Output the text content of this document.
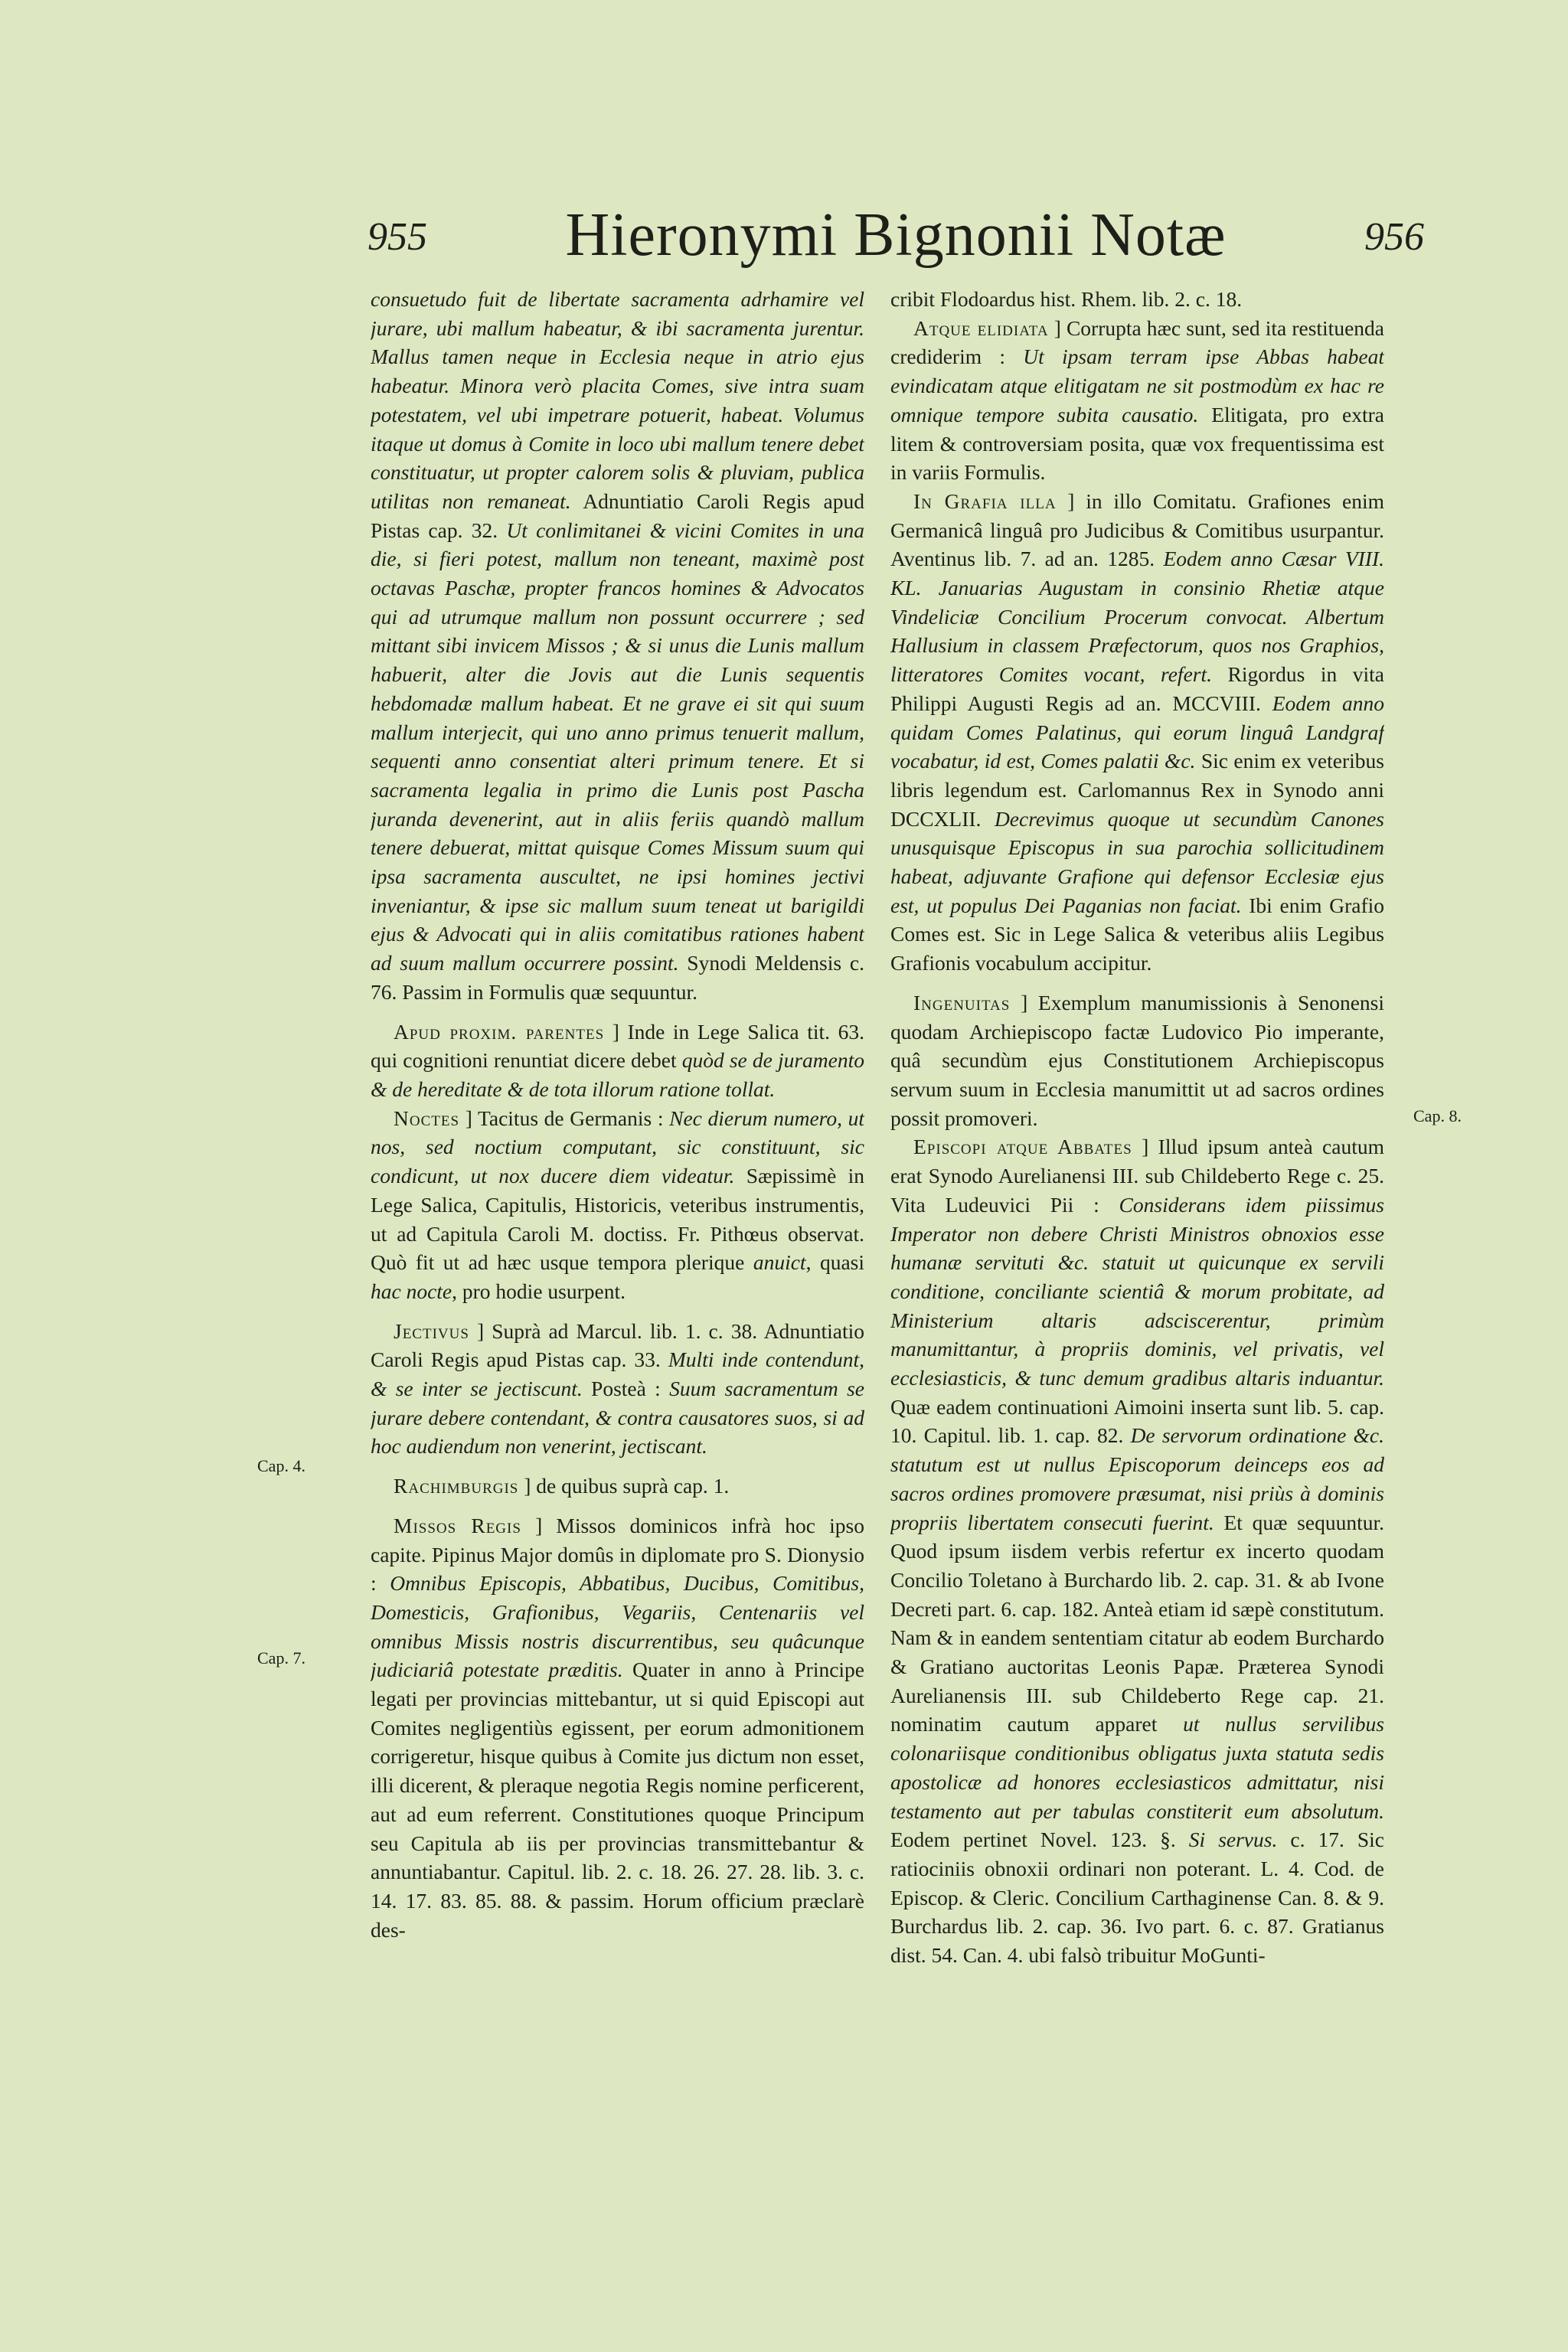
955	Hieronymi Bignonii Notæ	956
Cap. 4.
Cap. 7.
Cap. 8.

consuetudo fuit de libertate sacramenta adrhamire vel jurare, ubi mallum habeatur, & ibi sacramenta jurentur. Mallus tamen neque in Ecclesia neque in atrio ejus habeatur. Minora verò placita Comes, sive intra suam potestatem, vel ubi impetrare potuerit, habeat. Volumus itaque ut domus à Comite in loco ubi mallum tenere debet constituatur, ut propter calorem solis & pluviam, publica utilitas non remaneat. Adnuntiatio Caroli Regis apud Pistas cap. 32. Ut conlimitanei & vicini Comites in una die, si fieri potest, mallum non teneant, maximè post octavas Paschæ, propter francos homines & Advocatos qui ad utrumque mallum non possunt occurrere ; sed mittant sibi invicem Missos ; & si unus die Lunis mallum habuerit, alter die Jovis aut die Lunis sequentis hebdomadæ mallum habeat. Et ne grave ei sit qui suum mallum interjecit, qui uno anno primus tenuerit mallum, sequenti anno consentiat alteri primum tenere. Et si sacramenta legalia in primo die Lunis post Pascha juranda devenerint, aut in aliis feriis quandò mallum tenere debuerat, mittat quisque Comes Missum suum qui ipsa sacramenta auscultet, ne ipsi homines jectivi inveniantur, & ipse sic mallum suum teneat ut barigildi ejus & Advocati qui in aliis comitatibus rationes habent ad suum mallum occurrere possint. Synodi Meldensis c. 76. Passim in Formulis quæ sequuntur.

Apud proxim. parentes ] Inde in Lege Salica tit. 63. qui cognitioni renuntiat dicere debet quòd se de juramento & de hereditate & de tota illorum ratione tollat.

Noctes ] Tacitus de Germanis : Nec dierum numero, ut nos, sed noctium computant, sic constituunt, sic condicunt, ut nox ducere diem videatur. Sæpissimè in Lege Salica, Capitulis, Historicis, veteribus instrumentis, ut ad Capitula Caroli M. doctiss. Fr. Pithœus observat. Quò fit ut ad hæc usque tempora plerique anuict, quasi hac nocte, pro hodie usurpent.

Jectivus ] Suprà ad Marcul. lib. 1. c. 38. Adnuntiatio Caroli Regis apud Pistas cap. 33. Multi inde contendunt, & se inter se jectiscunt. Posteà : Suum sacramentum se jurare debere contendant, & contra causatores suos, si ad hoc audiendum non venerint, jectiscant.

Rachimburgis ] de quibus suprà cap. 1.

Missos Regis ] Missos dominicos infrà hoc ipso capite. Pipinus Major domûs in diplomate pro S. Dionysio : Omnibus Episcopis, Abbatibus, Ducibus, Comitibus, Domesticis, Grafionibus, Vegariis, Centenariis vel omnibus Missis nostris discurrentibus, seu quâcunque judiciariâ potestate præditis. Quater in anno à Principe legati per provincias mittebantur, ut si quid Episcopi aut Comites negligentiùs egissent, per eorum admonitionem corrigeretur, hisque quibus à Comite jus dictum non esset, illi dicerent, & pleraque negotia Regis nomine perficerent, aut ad eum referrent. Constitutiones quoque Principum seu Capitula ab iis per provincias transmittebantur & annuntiabantur. Capitul. lib. 2. c. 18. 26. 27. 28. lib. 3. c. 14. 17. 83. 85. 88. & passim. Horum officium præclarè des-

cribit Flodoardus hist. Rhem. lib. 2. c. 18.

Atque elidiata ] Corrupta hæc sunt, sed ita restituenda crediderim : Ut ipsam terram ipse Abbas habeat evindicatam atque elitigatam ne sit postmodùm ex hac re omnique tempore subita causatio. Elitigata, pro extra litem & controversiam posita, quæ vox frequentissima est in variis Formulis.

In Grafia illa ] in illo Comitatu. Grafiones enim Germanicâ linguâ pro Judicibus & Comitibus usurpantur. Aventinus lib. 7. ad an. 1285. Eodem anno Cæsar VIII. KL. Januarias Augustam in consinio Rhetiæ atque Vindeliciæ Concilium Procerum convocat. Albertum Hallusium in classem Præfectorum, quos nos Graphios, litteratores Comites vocant, refert. Rigordus in vita Philippi Augusti Regis ad an. MCCVIII. Eodem anno quidam Comes Palatinus, qui eorum linguâ Landgraf vocabatur, id est, Comes palatii &c. Sic enim ex veteribus libris legendum est. Carlomannus Rex in Synodo anni DCCXLII. Decrevimus quoque ut secundùm Canones unusquisque Episcopus in sua parochia sollicitudinem habeat, adjuvante Grafione qui defensor Ecclesiæ ejus est, ut populus Dei Paganias non faciat. Ibi enim Grafio Comes est. Sic in Lege Salica & veteribus aliis Legibus Grafionis vocabulum accipitur.

Ingenuitas ] Exemplum manumissionis à Senonensi quodam Archiepiscopo factæ Ludovico Pio imperante, quâ secundùm ejus Constitutionem Archiepiscopus servum suum in Ecclesia manumittit ut ad sacros ordines possit promoveri.

Episcopi atque Abbates ] Illud ipsum anteà cautum erat Synodo Aurelianensi III. sub Childeberto Rege c. 25. Vita Ludeuvici Pii : Considerans idem piissimus Imperator non debere Christi Ministros obnoxios esse humanæ servituti &c. statuit ut quicunque ex servili conditione, conciliante scientiâ & morum probitate, ad Ministerium altaris adsciscerentur, primùm manumittantur, à propriis dominis, vel privatis, vel ecclesiasticis, & tunc demum gradibus altaris induantur. Quæ eadem continuationi Aimoini inserta sunt lib. 5. cap. 10. Capitul. lib. 1. cap. 82. De servorum ordinatione &c. statutum est ut nullus Episcoporum deinceps eos ad sacros ordines promovere præsumat, nisi priùs à dominis propriis libertatem consecuti fuerint. Et quæ sequuntur. Quod ipsum iisdem verbis refertur ex incerto quodam Concilio Toletano à Burchardo lib. 2. cap. 31. & ab Ivone Decreti part. 6. cap. 182. Anteà etiam id sæpè constitutum. Nam & in eandem sententiam citatur ab eodem Burchardo & Gratiano auctoritas Leonis Papæ. Præterea Synodi Aurelianensis III. sub Childeberto Rege cap. 21. nominatim cautum apparet ut nullus servilibus colonariisque conditionibus obligatus juxta statuta sedis apostolicæ ad honores ecclesiasticos admittatur, nisi testamento aut per tabulas constiterit eum absolutum. Eodem pertinet Novel. 123. §. Si servus. c. 17. Sic ratiociniis obnoxii ordinari non poterant. L. 4. Cod. de Episcop. & Cleric. Concilium Carthaginense Can. 8. & 9. Burchardus lib. 2. cap. 36. Ivo part. 6. c. 87. Gratianus dist. 54. Can. 4. ubi falsò tribuitur MoGunti-
